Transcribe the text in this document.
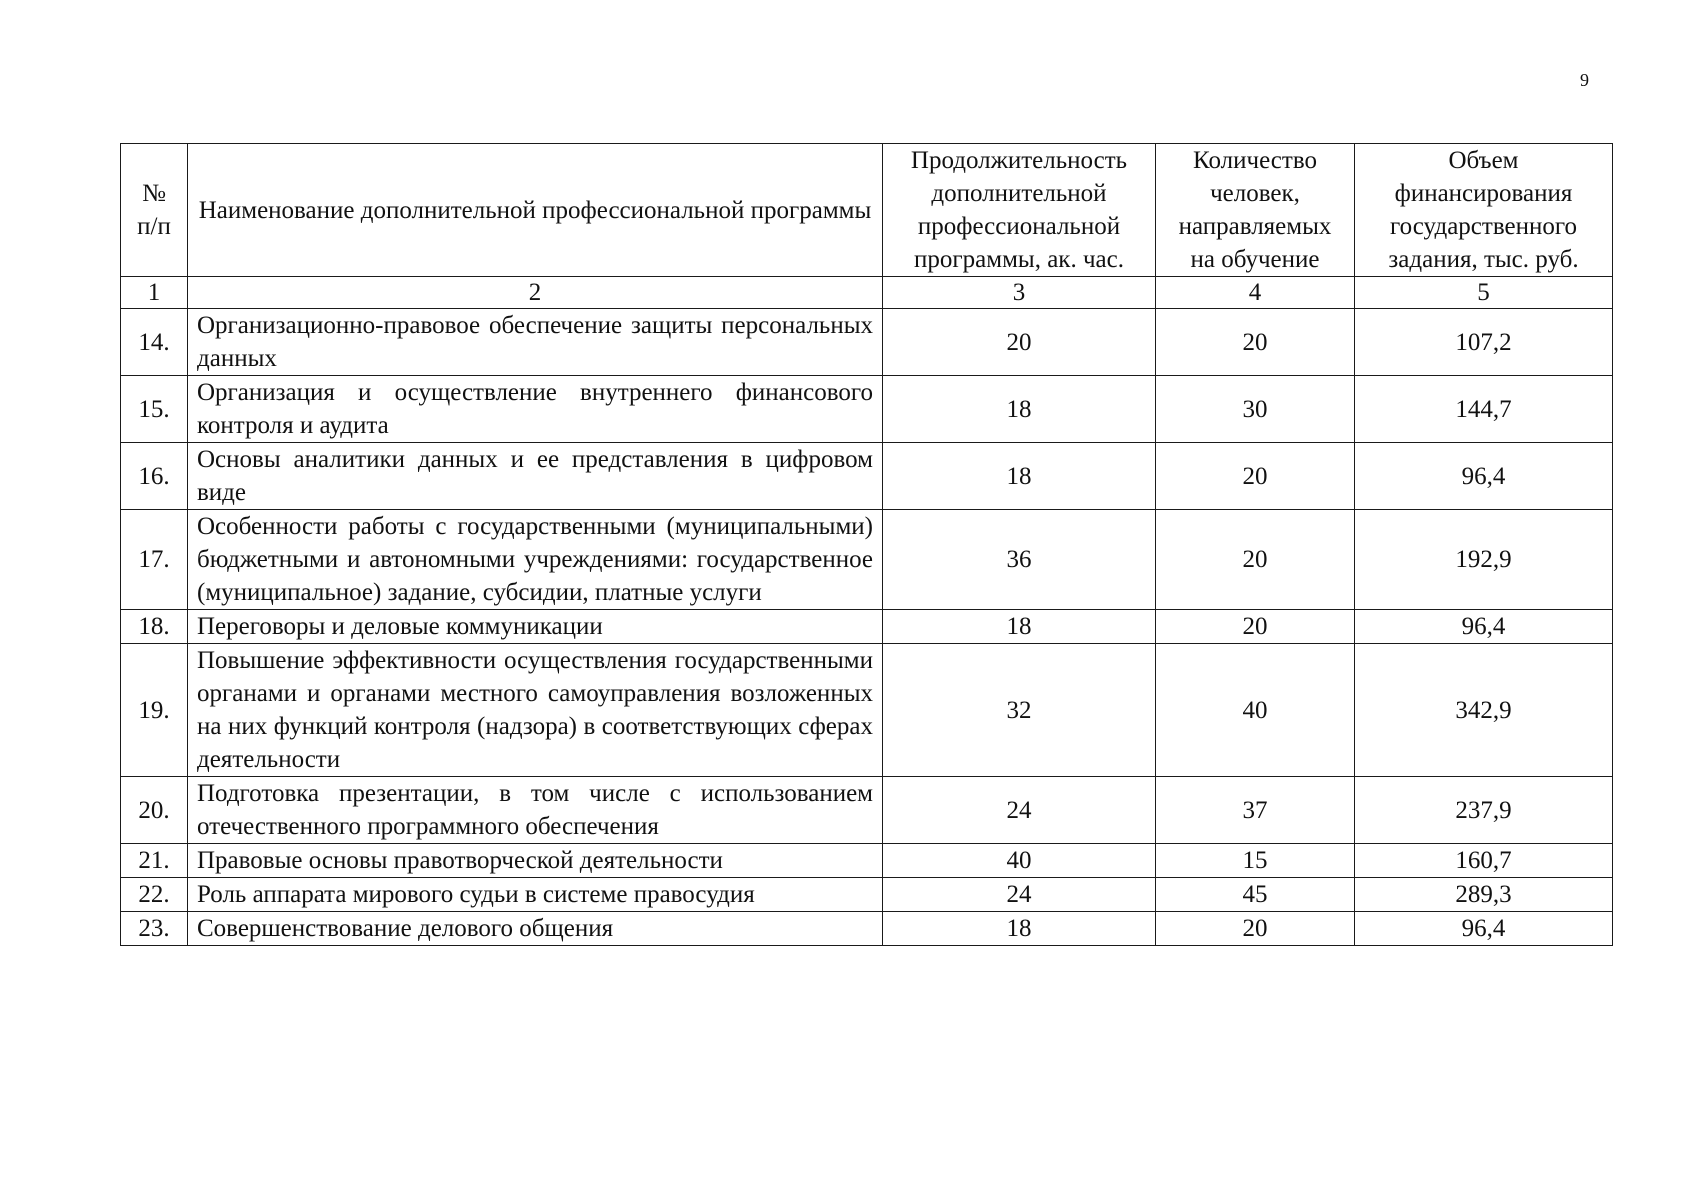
9
№ п/п	Наименование дополнительной профессиональной программы	Продолжительность дополнительной профессиональной программы, ак. час.	Количество человек, направляемых на обучение	Объем финансирования государственного задания, тыс. руб.
1	2	3	4	5
14.	Организационно-правовое обеспечение защиты персональных данных	20	20	107,2
15.	Организация и осуществление внутреннего финансового контроля и аудита	18	30	144,7
16.	Основы аналитики данных и ее представления в цифровом виде	18	20	96,4
17.	Особенности работы с государственными (муниципальными) бюджетными и автономными учреждениями: государственное (муниципальное) задание, субсидии, платные услуги	36	20	192,9
18.	Переговоры и деловые коммуникации	18	20	96,4
19.	Повышение эффективности осуществления государственными органами и органами местного самоуправления возложенных на них функций контроля (надзора) в соответствующих сферах деятельности	32	40	342,9
20.	Подготовка презентации, в том числе с использованием отечественного программного обеспечения	24	37	237,9
21.	Правовые основы правотворческой деятельности	40	15	160,7
22.	Роль аппарата мирового судьи в системе правосудия	24	45	289,3
23.	Совершенствование делового общения	18	20	96,4
